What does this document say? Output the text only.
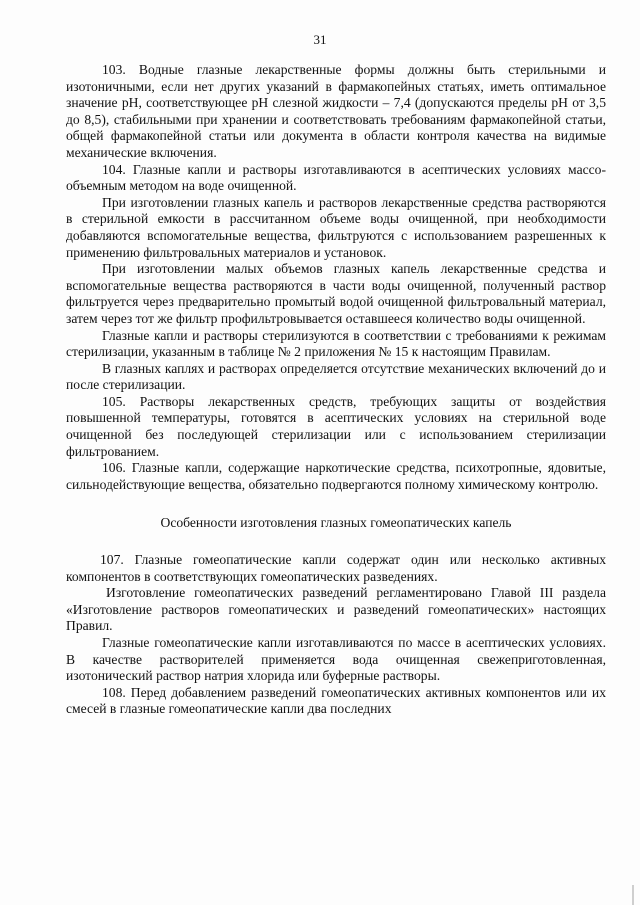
31

103. Водные глазные лекарственные формы должны быть стерильными и изотоничными, если нет других указаний в фармакопейных статьях, иметь оптимальное значение pH, соответствующее pH слезной жидкости – 7,4 (допускаются пределы pH от 3,5 до 8,5), стабильными при хранении и соответствовать требованиям фармакопейной статьи, общей фармакопейной статьи или документа в области контроля качества на видимые механические включения.

104. Глазные капли и растворы изготавливаются в асептических условиях массо-объемным методом на воде очищенной.

При изготовлении глазных капель и растворов лекарственные средства растворяются в стерильной емкости в рассчитанном объеме воды очищенной, при необходимости добавляются вспомогательные вещества, фильтруются с использованием разрешенных к применению фильтровальных материалов и установок.

При изготовлении малых объемов глазных капель лекарственные средства и вспомогательные вещества растворяются в части воды очищенной, полученный раствор фильтруется через предварительно промытый водой очищенной фильтровальный материал, затем через тот же фильтр профильтровывается оставшееся количество воды очищенной.

Глазные капли и растворы стерилизуются в соответствии с требованиями к режимам стерилизации, указанным в таблице № 2 приложения № 15 к настоящим Правилам.

В глазных каплях и растворах определяется отсутствие механических включений до и после стерилизации.

105. Растворы лекарственных средств, требующих защиты от воздействия повышенной температуры, готовятся в асептических условиях на стерильной воде очищенной без последующей стерилизации или с использованием стерилизации фильтрованием.

106. Глазные капли, содержащие наркотические средства, психотропные, ядовитые, сильнодействующие вещества, обязательно подвергаются полному химическому контролю.

Особенности изготовления глазных гомеопатических капель

107. Глазные гомеопатические капли содержат один или несколько активных компонентов в соответствующих гомеопатических разведениях.

Изготовление гомеопатических разведений регламентировано Главой III раздела «Изготовление растворов гомеопатических и разведений гомеопатических» настоящих Правил.

Глазные гомеопатические капли изготавливаются по массе в асептических условиях. В качестве растворителей применяется вода очищенная свежеприготовленная, изотонический раствор натрия хлорида или буферные растворы.

108. Перед добавлением разведений гомеопатических активных компонентов или их смесей в глазные гомеопатические капли два последних
